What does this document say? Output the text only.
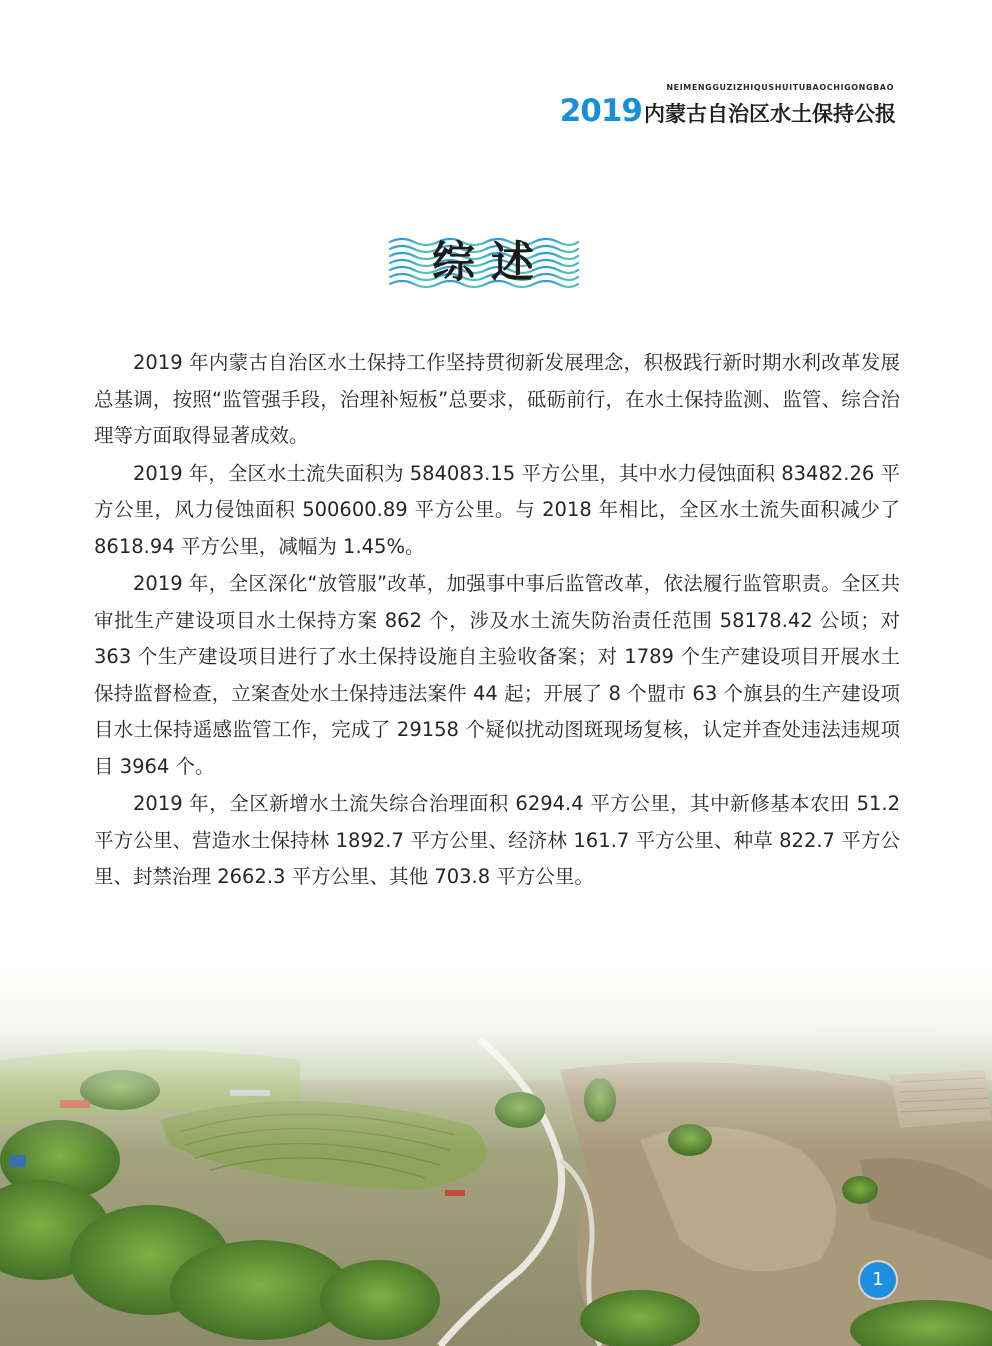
NEIMENGGUZIZHIQUSHUITUBAOCHIGONGBAO
2019 内蒙古自治区水土保持公报
综述

2019 年内蒙古自治区水土保持工作坚持贯彻新发展理念，积极践行新时期水利改革发展总基调，按照“监管强手段，治理补短板”总要求，砥砺前行，在水土保持监测、监管、综合治理等方面取得显著成效。

2019 年，全区水土流失面积为 584083.15 平方公里，其中水力侵蚀面积 83482.26 平方公里，风力侵蚀面积 500600.89 平方公里。与 2018 年相比，全区水土流失面积减少了 8618.94 平方公里，减幅为 1.45%。

2019 年，全区深化“放管服”改革，加强事中事后监管改革，依法履行监管职责。全区共审批生产建设项目水土保持方案 862 个，涉及水土流失防治责任范围 58178.42 公顷；对 363 个生产建设项目进行了水土保持设施自主验收备案；对 1789 个生产建设项目开展水土保持监督检查，立案查处水土保持违法案件 44 起；开展了 8 个盟市 63 个旗县的生产建设项目水土保持遥感监管工作，完成了 29158 个疑似扰动图斑现场复核，认定并查处违法违规项目 3964 个。

2019 年，全区新增水土流失综合治理面积 6294.4 平方公里，其中新修基本农田 51.2 平方公里、营造水土保持林 1892.7 平方公里、经济林 161.7 平方公里、种草 822.7 平方公里、封禁治理 2662.3 平方公里、其他 703.8 平方公里。

1
